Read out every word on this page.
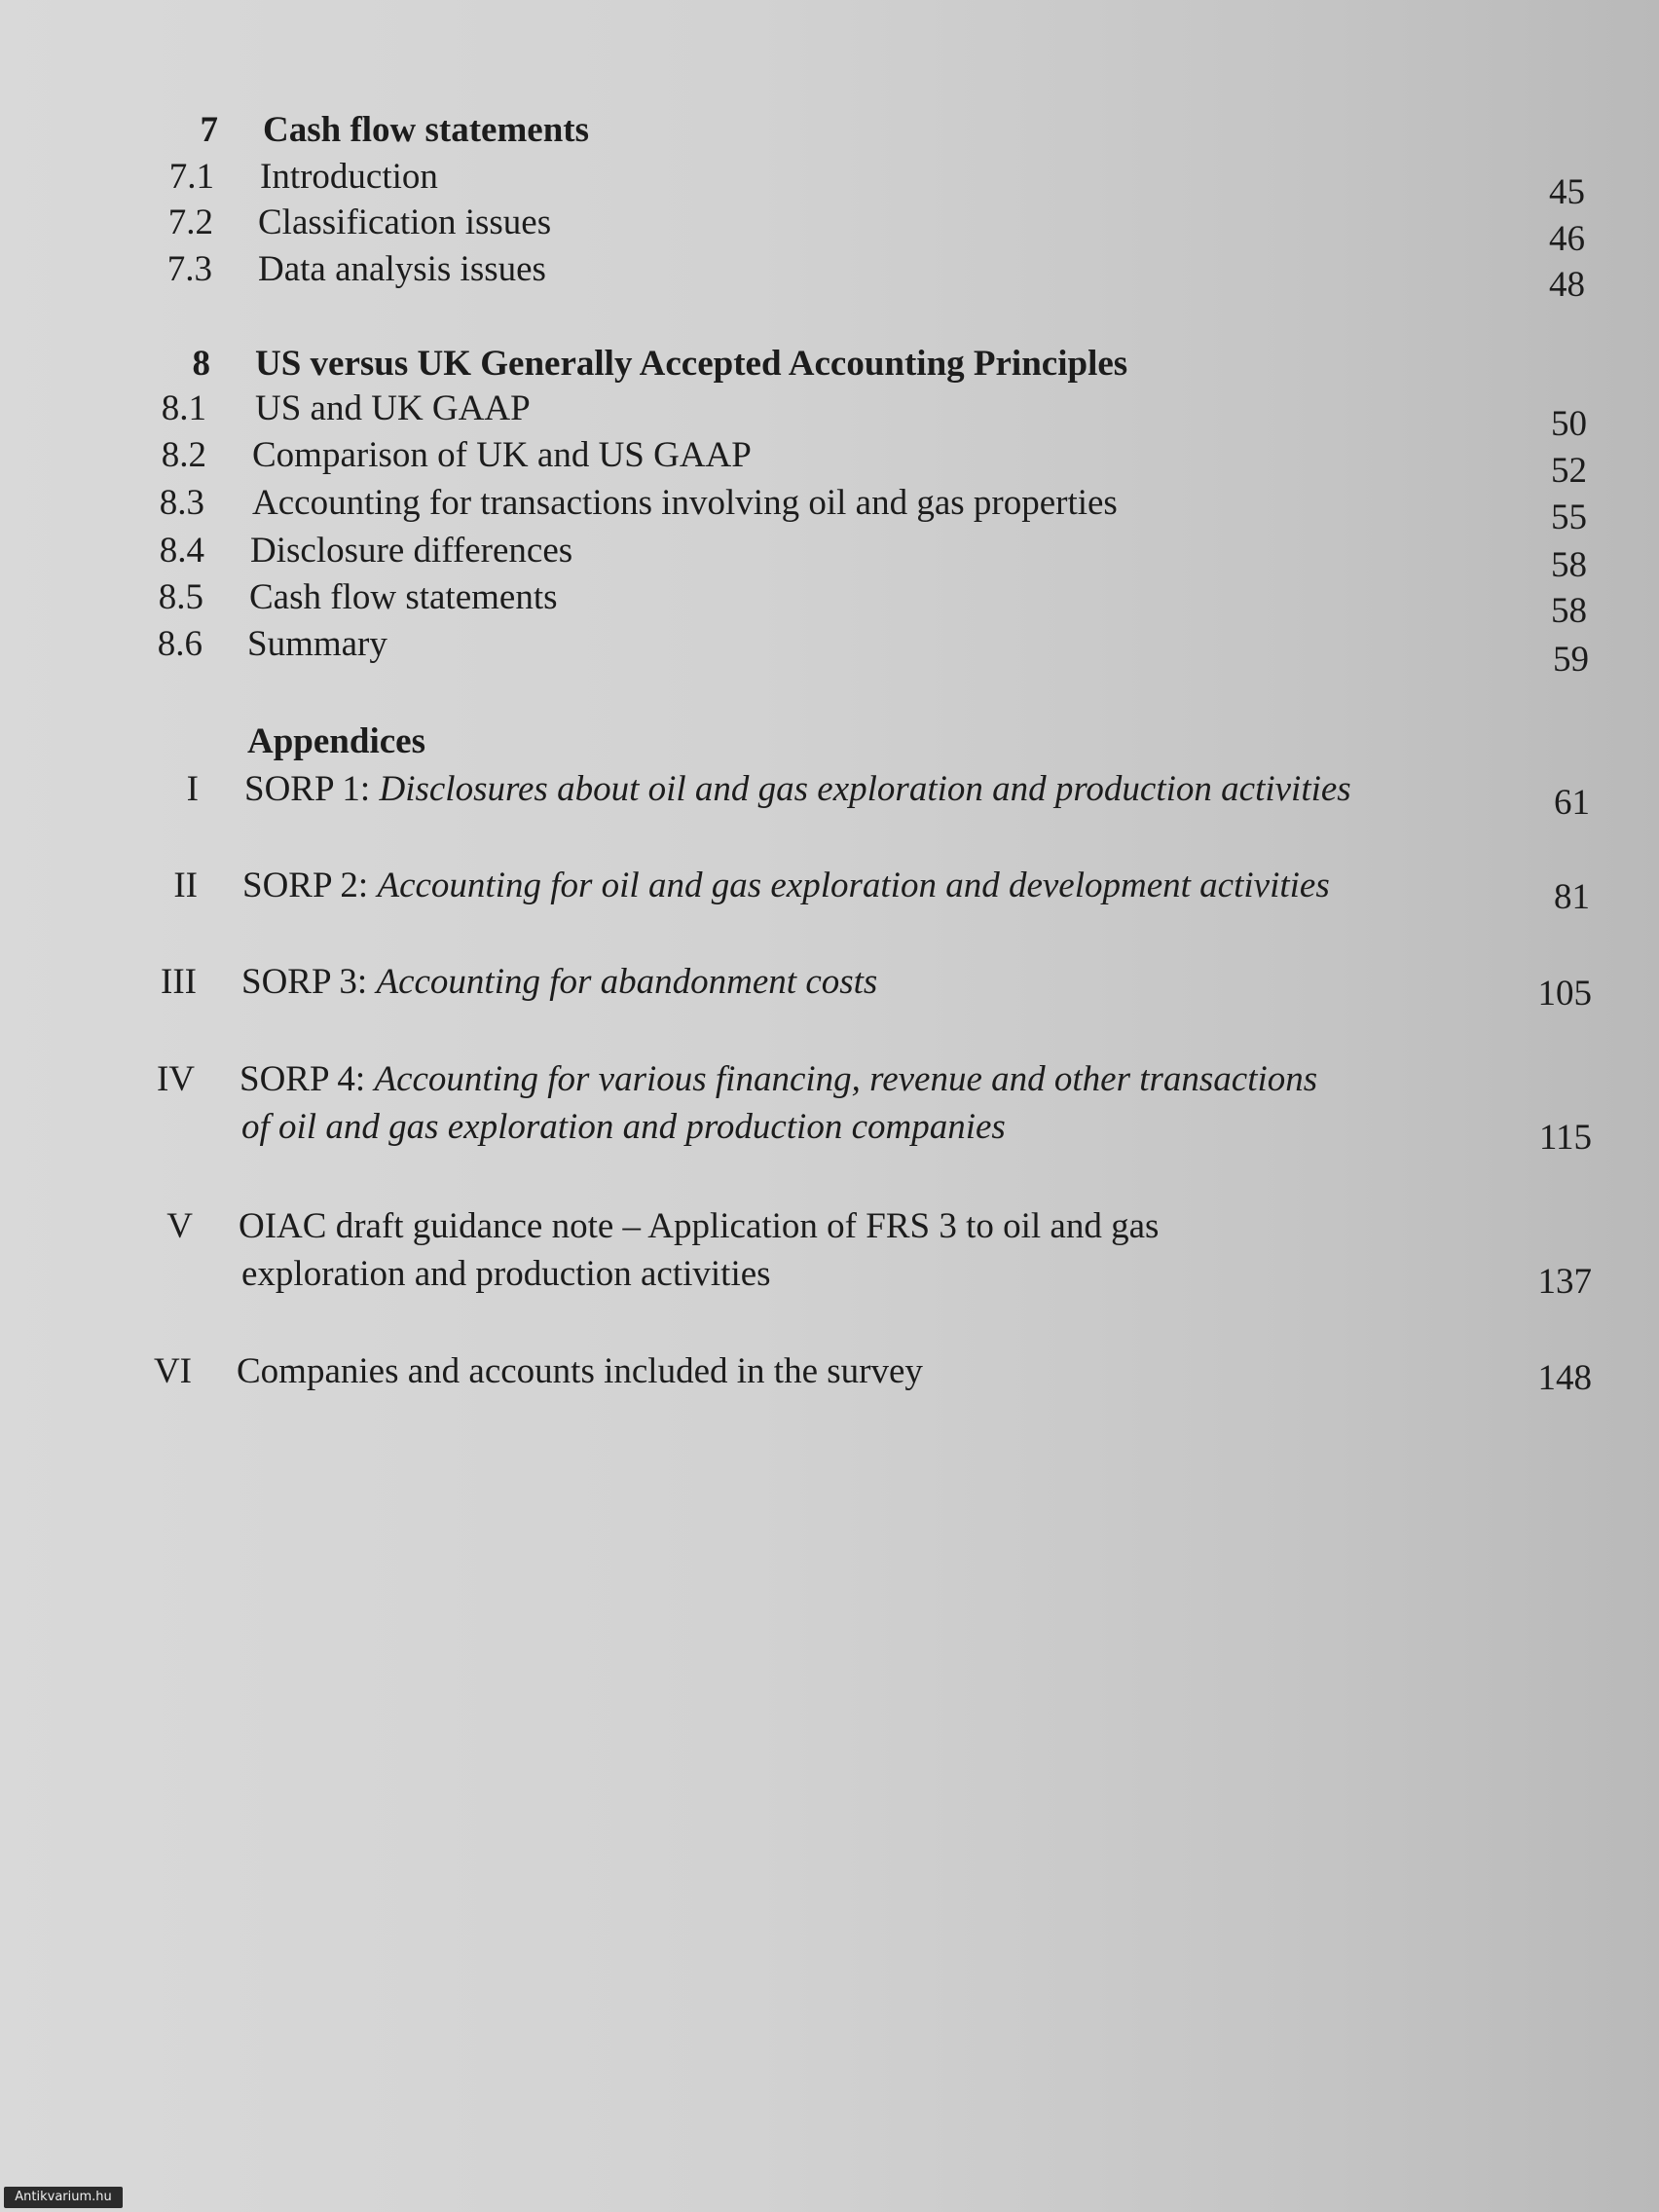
7 Cash flow statements
7.1 Introduction	45
7.2 Classification issues	46
7.3 Data analysis issues	48
8 US versus UK Generally Accepted Accounting Principles
8.1 US and UK GAAP	50
8.2 Comparison of UK and US GAAP	52
8.3 Accounting for transactions involving oil and gas properties	55
8.4 Disclosure differences	58
8.5 Cash flow statements	58
8.6 Summary	59
Appendices
I SORP 1: Disclosures about oil and gas exploration and production activities	61
II SORP 2: Accounting for oil and gas exploration and development activities	81
III SORP 3: Accounting for abandonment costs	105
IV SORP 4: Accounting for various financing, revenue and other transactions
of oil and gas exploration and production companies	115
V OIAC draft guidance note – Application of FRS 3 to oil and gas
exploration and production activities	137
VI Companies and accounts included in the survey	148
Antikvarium.hu
